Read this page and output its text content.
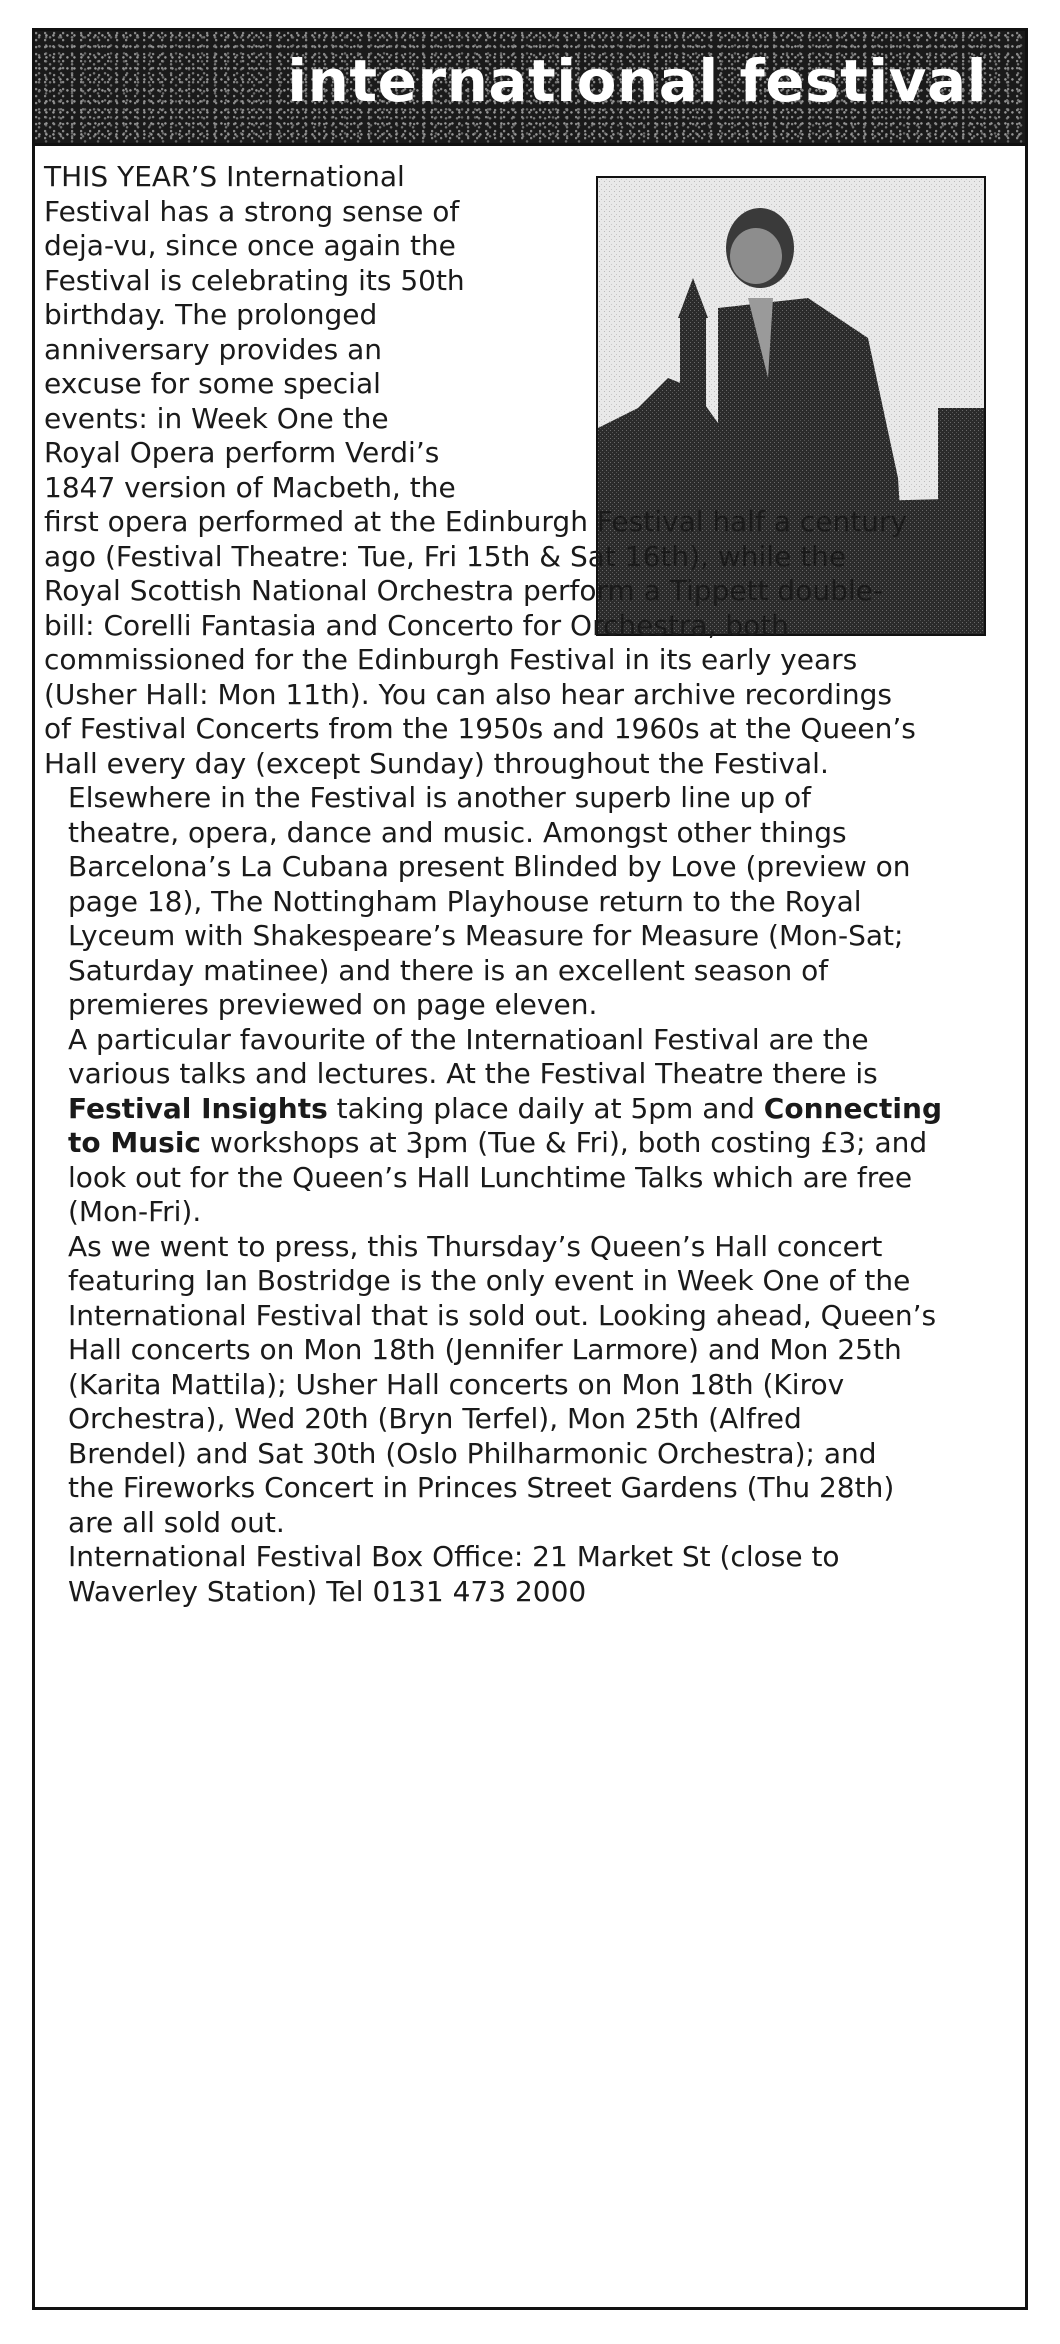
international festival

THIS YEAR’S International
Festival has a strong sense of
deja-vu, since once again the
Festival is celebrating its 50th
birthday. The prolonged
anniversary provides an
excuse for some special
events: in Week One the
Royal Opera perform Verdi’s
1847 version of Macbeth, the
first opera performed at the Edinburgh Festival half a century
ago (Festival Theatre: Tue, Fri 15th & Sat 16th), while the
Royal Scottish National Orchestra perform a Tippett double-
bill: Corelli Fantasia and Concerto for Orchestra, both
commissioned for the Edinburgh Festival in its early years
(Usher Hall: Mon 11th). You can also hear archive recordings
of Festival Concerts from the 1950s and 1960s at the Queen’s
Hall every day (except Sunday) throughout the Festival.

Elsewhere in the Festival is another superb line up of
theatre, opera, dance and music. Amongst other things
Barcelona’s La Cubana present Blinded by Love (preview on
page 18), The Nottingham Playhouse return to the Royal
Lyceum with Shakespeare’s Measure for Measure (Mon-Sat;
Saturday matinee) and there is an excellent season of
premieres previewed on page eleven.

A particular favourite of the Internatioanl Festival are the
various talks and lectures. At the Festival Theatre there is
Festival Insights taking place daily at 5pm and Connecting
to Music workshops at 3pm (Tue & Fri), both costing £3; and
look out for the Queen’s Hall Lunchtime Talks which are free
(Mon-Fri).

As we went to press, this Thursday’s Queen’s Hall concert
featuring Ian Bostridge is the only event in Week One of the
International Festival that is sold out. Looking ahead, Queen’s
Hall concerts on Mon 18th (Jennifer Larmore) and Mon 25th
(Karita Mattila); Usher Hall concerts on Mon 18th (Kirov
Orchestra), Wed 20th (Bryn Terfel), Mon 25th (Alfred
Brendel) and Sat 30th (Oslo Philharmonic Orchestra); and
the Fireworks Concert in Princes Street Gardens (Thu 28th)
are all sold out.

International Festival Box Office: 21 Market St (close to
Waverley Station) Tel 0131 473 2000
